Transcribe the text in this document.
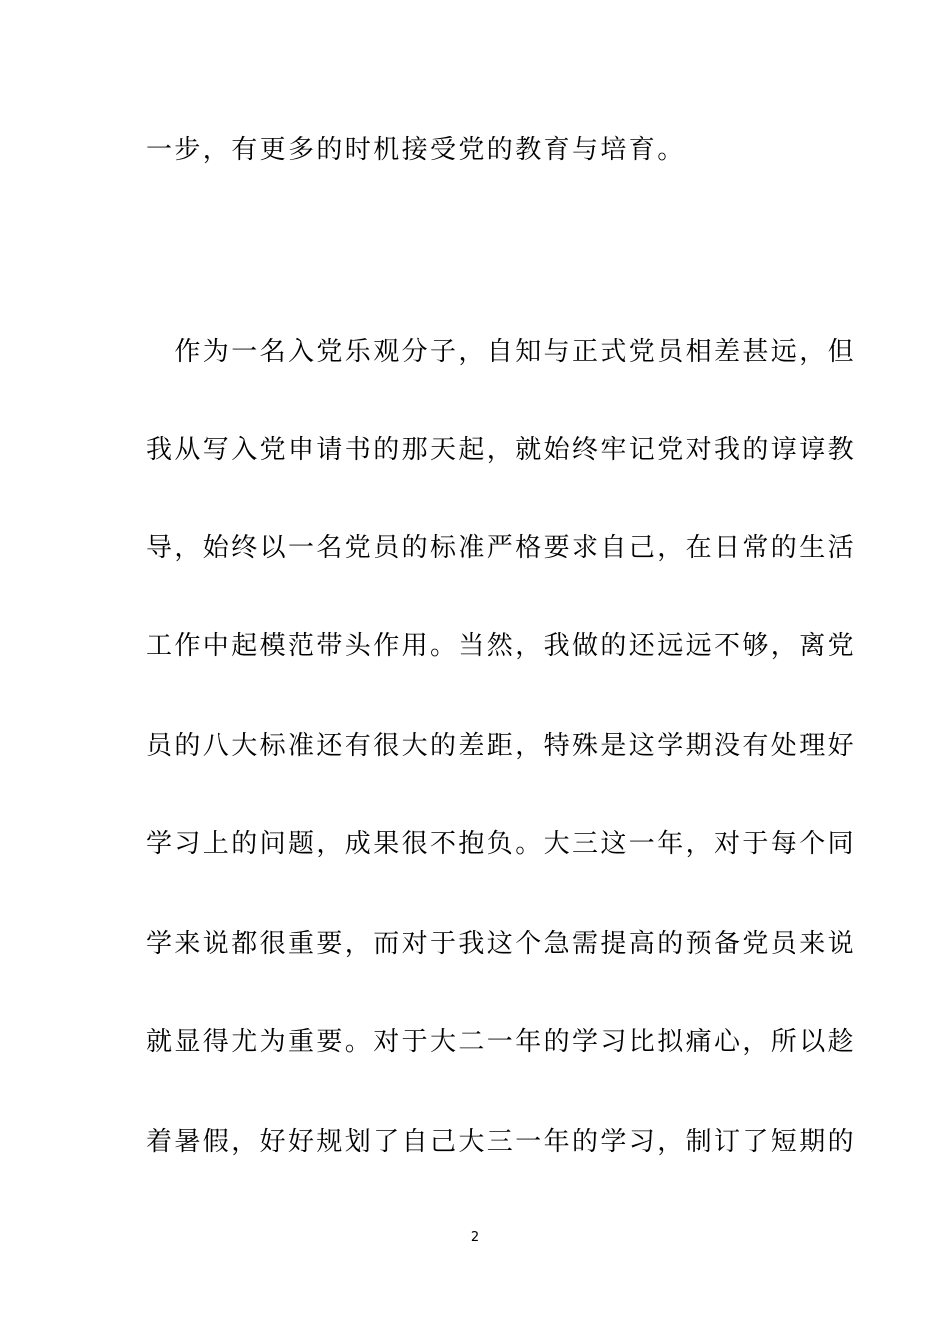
一步，有更多的时机接受党的教育与培育。
　作为一名入党乐观分子，自知与正式党员相差甚远，但
我从写入党申请书的那天起，就始终牢记党对我的谆谆教
导，始终以一名党员的标准严格要求自己，在日常的生活
工作中起模范带头作用。当然，我做的还远远不够，离党
员的八大标准还有很大的差距，特殊是这学期没有处理好
学习上的问题，成果很不抱负。大三这一年，对于每个同
学来说都很重要，而对于我这个急需提高的预备党员来说
就显得尤为重要。对于大二一年的学习比拟痛心，所以趁
着暑假，好好规划了自己大三一年的学习，制订了短期的
2
